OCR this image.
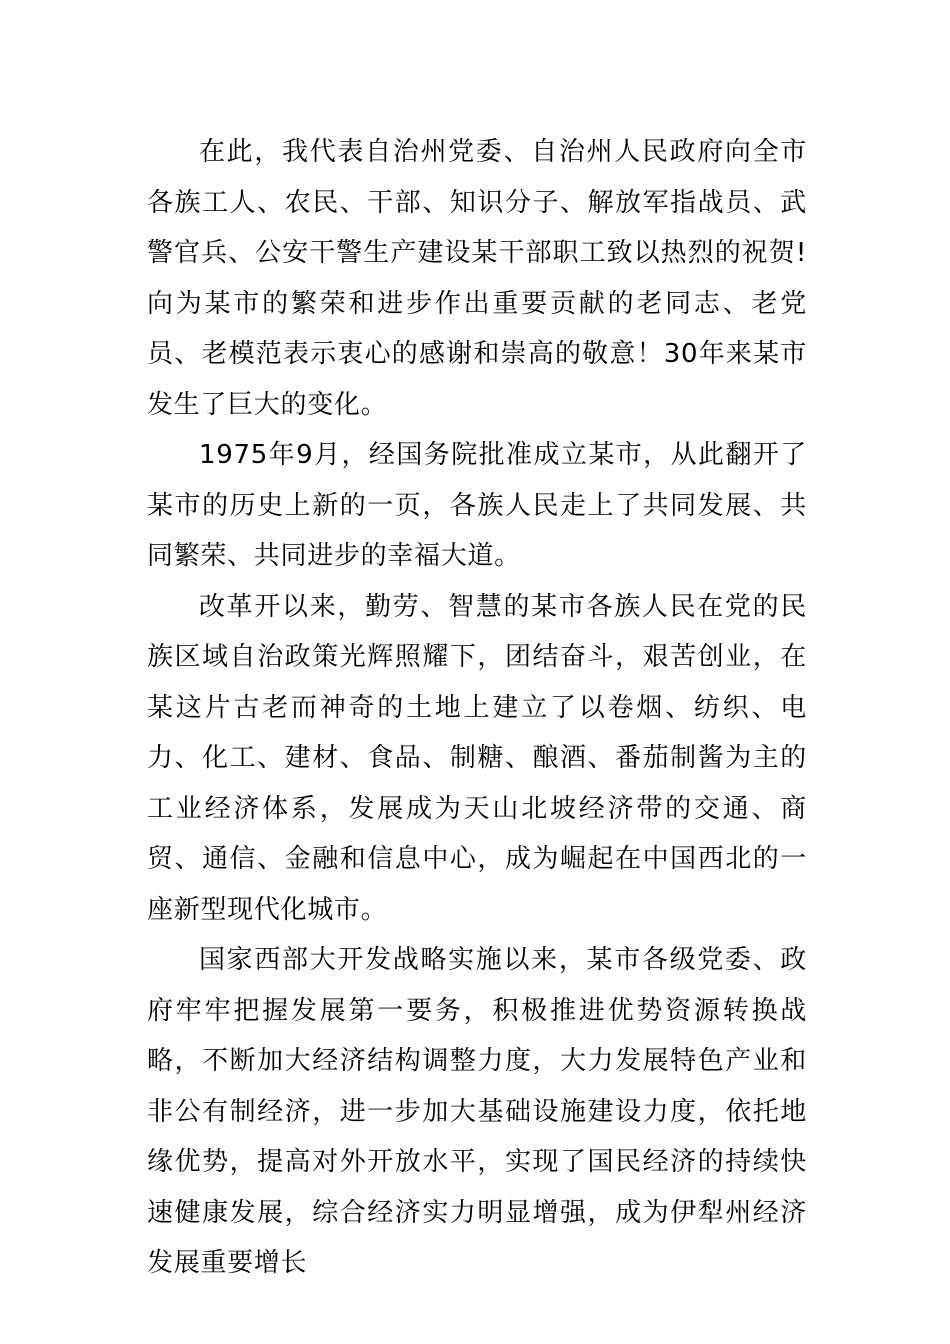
在此，我代表自治州党委、自治州人民政府向全市各族工人、农民、干部、知识分子、解放军指战员、武警官兵、公安干警生产建设某干部职工致以热烈的祝贺!向为某市的繁荣和进步作出重要贡献的老同志、老党员、老模范表示衷心的感谢和崇高的敬意！30年来某市发生了巨大的变化。

1975年9月，经国务院批准成立某市，从此翻开了某市的历史上新的一页，各族人民走上了共同发展、共同繁荣、共同进步的幸福大道。

改革开以来，勤劳、智慧的某市各族人民在党的民族区域自治政策光辉照耀下，团结奋斗，艰苦创业，在某这片古老而神奇的土地上建立了以卷烟、纺织、电力、化工、建材、食品、制糖、酿酒、番茄制酱为主的工业经济体系，发展成为天山北坡经济带的交通、商贸、通信、金融和信息中心，成为崛起在中国西北的一座新型现代化城市。

国家西部大开发战略实施以来，某市各级党委、政府牢牢把握发展第一要务，积极推进优势资源转换战略，不断加大经济结构调整力度，大力发展特色产业和非公有制经济，进一步加大基础设施建设力度，依托地缘优势，提高对外开放水平，实现了国民经济的持续快速健康发展，综合经济实力明显增强，成为伊犁州经济发展重要增长
